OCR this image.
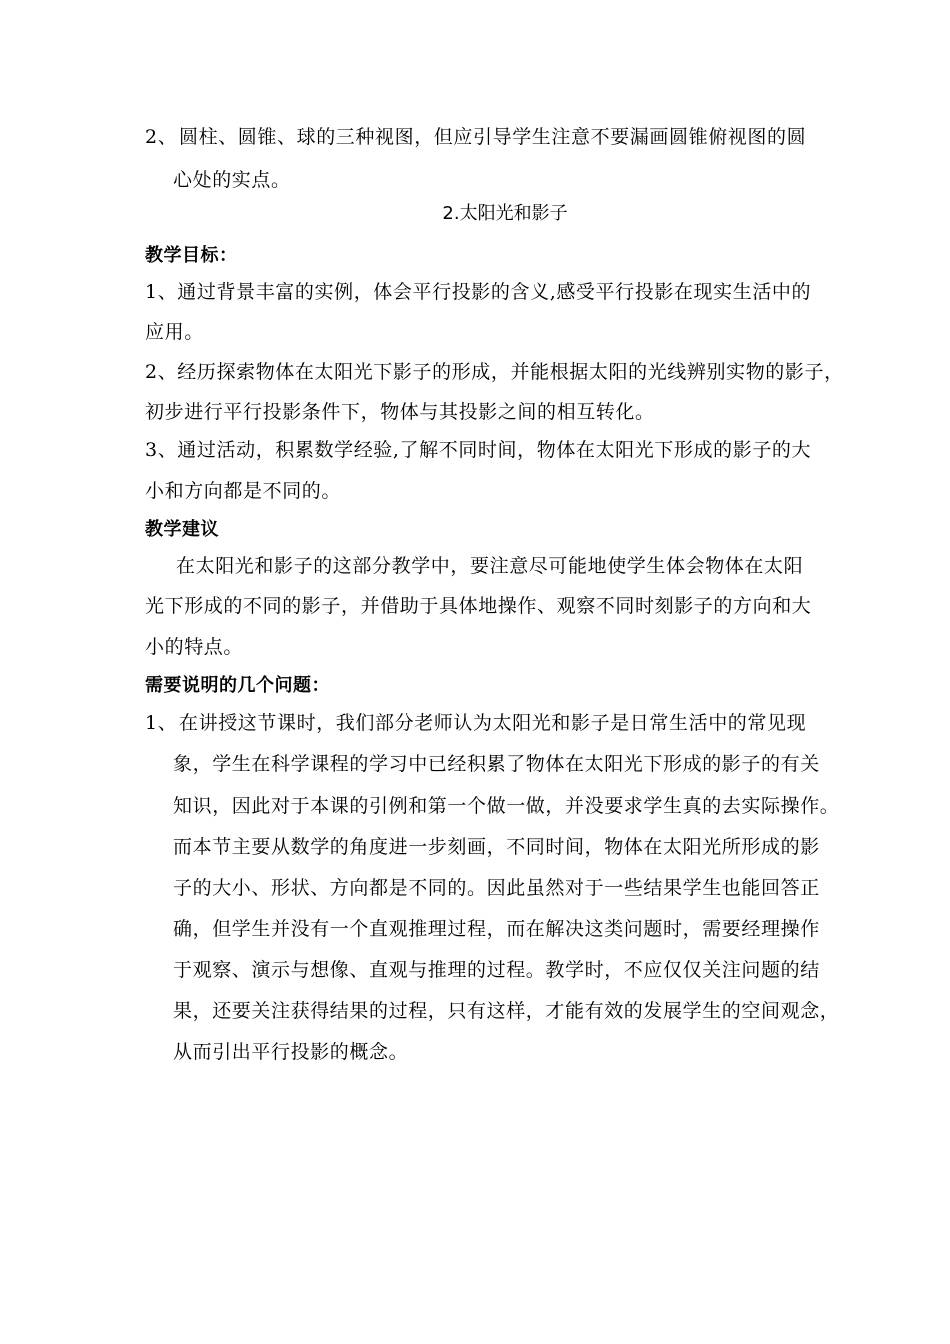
2、圆柱、圆锥、球的三种视图，但应引导学生注意不要漏画圆锥俯视图的圆
心处的实点。
2.太阳光和影子
教学目标：
1、通过背景丰富的实例，体会平行投影的含义,感受平行投影在现实生活中的
应用。
2、经历探索物体在太阳光下影子的形成，并能根据太阳的光线辨别实物的影子，
初步进行平行投影条件下，物体与其投影之间的相互转化。
3、通过活动，积累数学经验,了解不同时间，物体在太阳光下形成的影子的大
小和方向都是不同的。
教学建议
在太阳光和影子的这部分教学中，要注意尽可能地使学生体会物体在太阳
光下形成的不同的影子，并借助于具体地操作、观察不同时刻影子的方向和大
小的特点。
需要说明的几个问题：
1、在讲授这节课时，我们部分老师认为太阳光和影子是日常生活中的常见现
象，学生在科学课程的学习中已经积累了物体在太阳光下形成的影子的有关
知识，因此对于本课的引例和第一个做一做，并没要求学生真的去实际操作。
而本节主要从数学的角度进一步刻画，不同时间，物体在太阳光所形成的影
子的大小、形状、方向都是不同的。因此虽然对于一些结果学生也能回答正
确，但学生并没有一个直观推理过程，而在解决这类问题时，需要经理操作
于观察、演示与想像、直观与推理的过程。教学时，不应仅仅关注问题的结
果，还要关注获得结果的过程，只有这样，才能有效的发展学生的空间观念，
从而引出平行投影的概念。
